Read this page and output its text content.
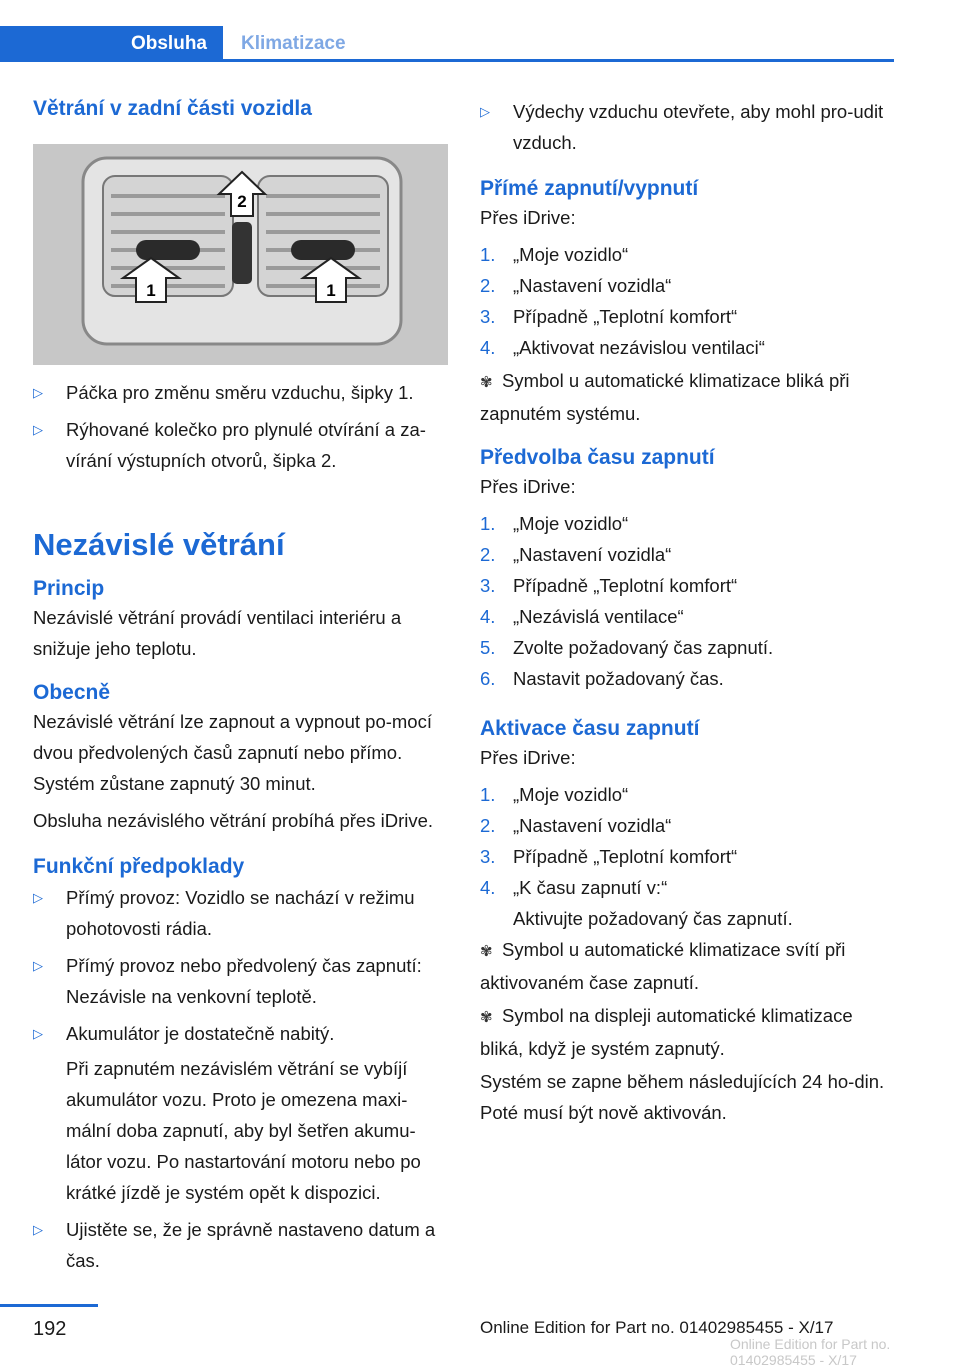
Obsluha	Klimatizace
Větrání v zadní části vozidla
2
1	1
▷ Páčka pro změnu směru vzduchu, šipky 1.
▷ Rýhované kolečko pro plynulé otvírání a za-vírání výstupních otvorů, šipka 2.
Nezávislé větrání
Princip

Nezávislé větrání provádí ventilaci interiéru a snižuje jeho teplotu.

Obecně

Nezávislé větrání lze zapnout a vypnout po-mocí dvou předvolených časů zapnutí nebo přímo. Systém zůstane zapnutý 30 minut.

Obsluha nezávislého větrání probíhá přes iDrive.

Funkční předpoklady
▷ Přímý provoz: Vozidlo se nachází v režimu pohotovosti rádia.
▷ Přímý provoz nebo předvolený čas zapnutí: Nezávisle na venkovní teplotě.
▷ Akumulátor je dostatečně nabitý.
Při zapnutém nezávislém větrání se vybíjí akumulátor vozu. Proto je omezena maxi-mální doba zapnutí, aby byl šetřen akumu-látor vozu. Po nastartování motoru nebo po krátké jízdě je systém opět k dispozici.
▷ Ujistěte se, že je správně nastaveno datum a čas.
▷ Výdechy vzduchu otevřete, aby mohl pro-udit vzduch.
Přímé zapnutí/vypnutí

Přes iDrive:

1. „Moje vozidlo“
2. „Nastavení vozidla“
3. Případně „Teplotní komfort“
4. „Aktivovat nezávislou ventilaci“

✾ Symbol u automatické klimatizace bliká při zapnutém systému.

Předvolba času zapnutí

Přes iDrive:

1. „Moje vozidlo“
2. „Nastavení vozidla“
3. Případně „Teplotní komfort“
4. „Nezávislá ventilace“
5. Zvolte požadovaný čas zapnutí.
6. Nastavit požadovaný čas.
Aktivace času zapnutí

Přes iDrive:

1. „Moje vozidlo“
2. „Nastavení vozidla“
3. Případně „Teplotní komfort“
4. „K času zapnutí v:“
Aktivujte požadovaný čas zapnutí.

✾ Symbol u automatické klimatizace svítí při aktivovaném čase zapnutí.

✾ Symbol na displeji automatické klimatizace bliká, když je systém zapnutý.

Systém se zapne během následujících 24 ho-din. Poté musí být nově aktivován.

192	Online Edition for Part no. 01402985455 - X/17
Online Edition for Part no. 01402985455 - X/17
